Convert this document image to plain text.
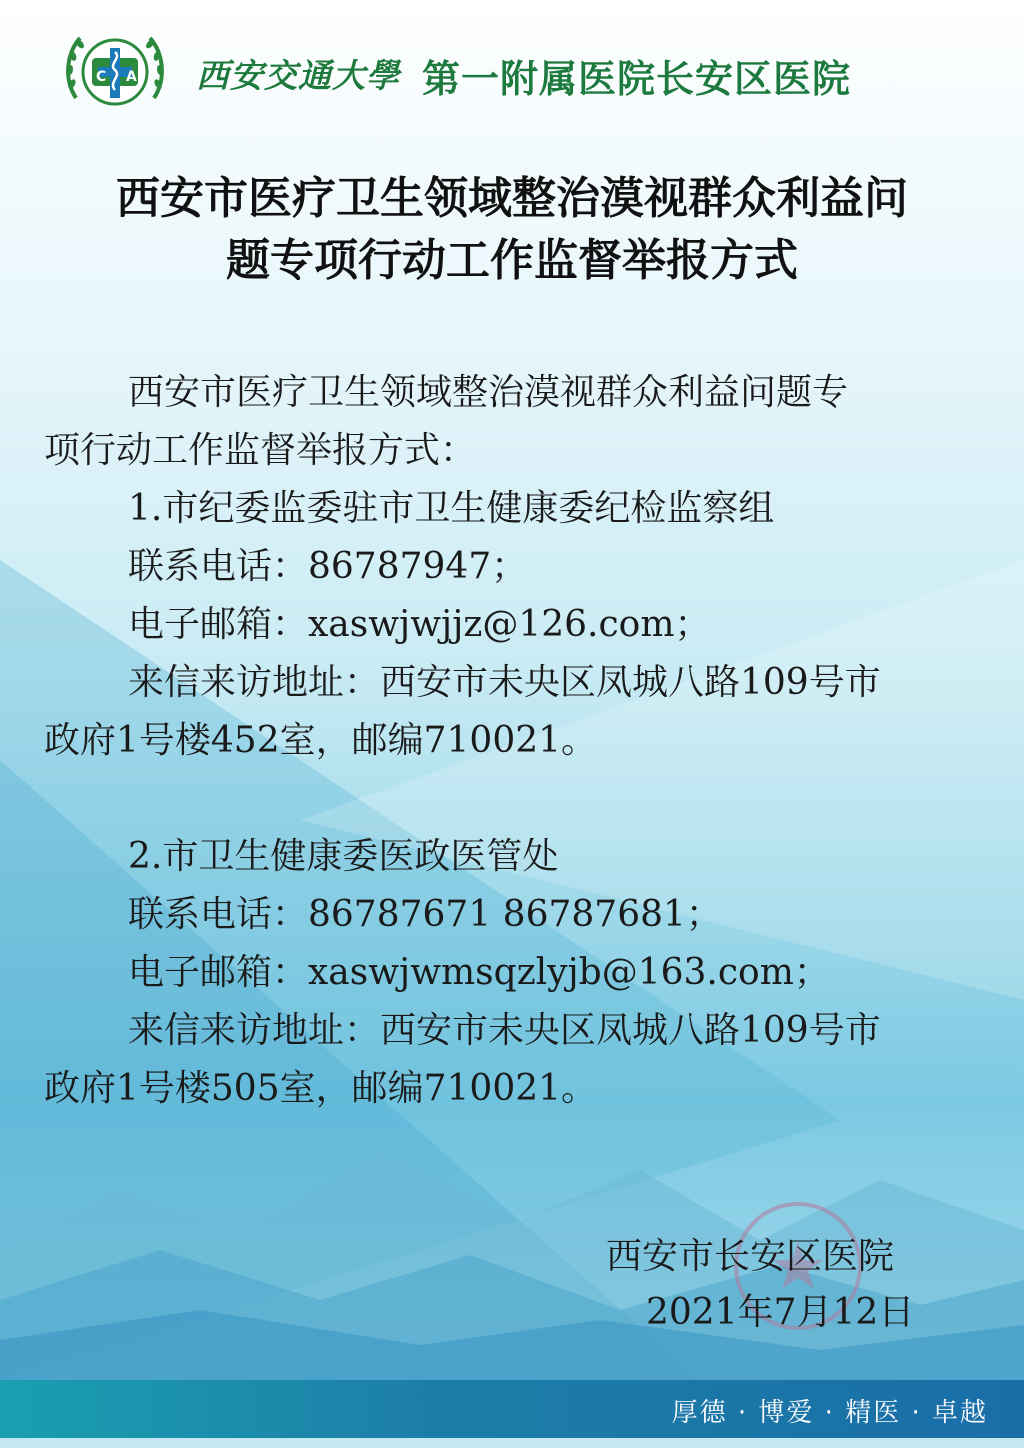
C A 西安交通大學 第一附属医院长安区医院
西安市医疗卫生领域整治漠视群众利益问
题专项行动工作监督举报方式

西安市医疗卫生领域整治漠视群众利益问题专

项行动工作监督举报方式：

1.市纪委监委驻市卫生健康委纪检监察组

联系电话：86787947；

电子邮箱：xaswjwjjz@126.com；

来信来访地址：西安市未央区凤城八路109号市

政府1号楼452室，邮编710021。

2.市卫生健康委医政医管处

联系电话：86787671 86787681；

电子邮箱：xaswjwmsqzlyjb@163.com；

来信来访地址：西安市未央区凤城八路109号市

政府1号楼505室，邮编710021。

西安市长安区医院
2021年7月12日
厚德 · 博爱 · 精医 · 卓越
